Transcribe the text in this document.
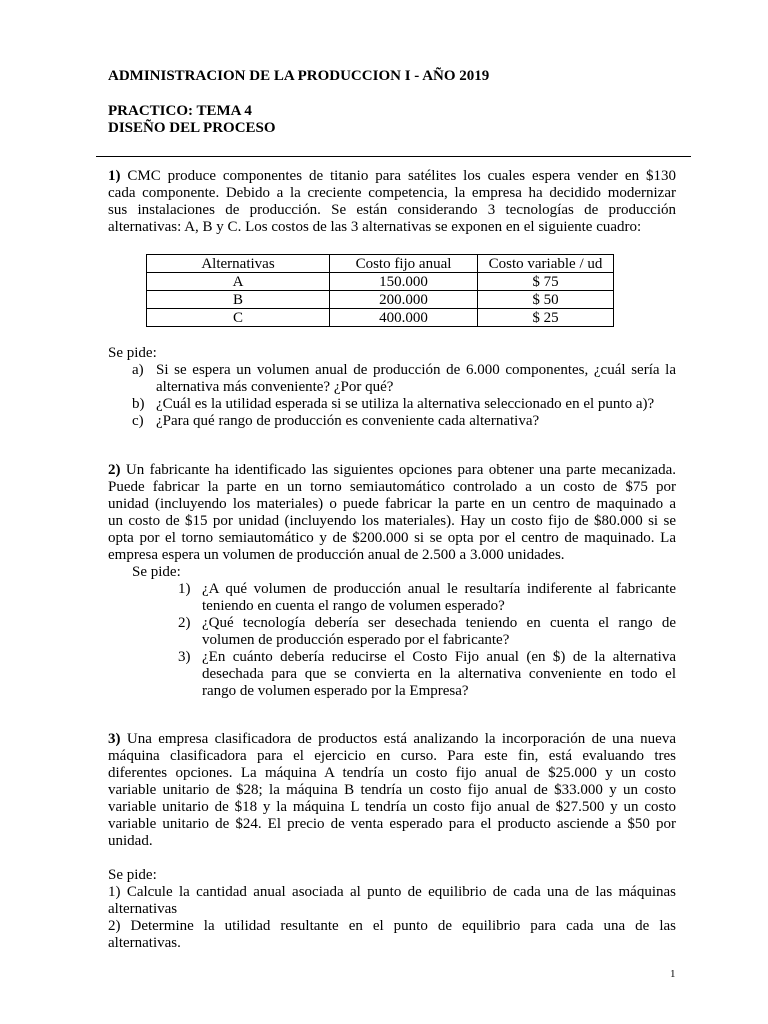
ADMINISTRACION DE LA PRODUCCION I - AÑO 2019
PRACTICO: TEMA 4
DISEÑO DEL PROCESO
1) CMC produce componentes de titanio para satélites los cuales espera vender en $130
cada componente. Debido a la creciente competencia, la empresa ha decidido modernizar
sus instalaciones de producción. Se están considerando 3 tecnologías de producción
alternativas: A, B y C. Los costos de las 3 alternativas se exponen en el siguiente cuadro:
Alternativas	Costo fijo anual	Costo variable / ud
A	150.000	$ 75
B	200.000	$ 50
C	400.000	$ 25
Se pide:
a) Si se espera un volumen anual de producción de 6.000 componentes, ¿cuál sería la
alternativa más conveniente? ¿Por qué?
b) ¿Cuál es la utilidad esperada si se utiliza la alternativa seleccionado en el punto a)?
c) ¿Para qué rango de producción es conveniente cada alternativa?
2) Un fabricante ha identificado las siguientes opciones para obtener una parte mecanizada.
Puede fabricar la parte en un torno semiautomático controlado a un costo de $75 por
unidad (incluyendo los materiales) o puede fabricar la parte en un centro de maquinado a
un costo de $15 por unidad (incluyendo los materiales). Hay un costo fijo de $80.000 si se
opta por el torno semiautomático y de $200.000 si se opta por el centro de maquinado. La
empresa espera un volumen de producción anual de 2.500 a 3.000 unidades.
Se pide:
1) ¿A qué volumen de producción anual le resultaría indiferente al fabricante
teniendo en cuenta el rango de volumen esperado?
2) ¿Qué tecnología debería ser desechada teniendo en cuenta el rango de
volumen de producción esperado por el fabricante?
3) ¿En cuánto debería reducirse el Costo Fijo anual (en $) de la alternativa
desechada para que se convierta en la alternativa conveniente en todo el
rango de volumen esperado por la Empresa?
3) Una empresa clasificadora de productos está analizando la incorporación de una nueva
máquina clasificadora para el ejercicio en curso. Para este fin, está evaluando tres
diferentes opciones. La máquina A tendría un costo fijo anual de $25.000 y un costo
variable unitario de $28; la máquina B tendría un costo fijo anual de $33.000 y un costo
variable unitario de $18 y la máquina L tendría un costo fijo anual de $27.500 y un costo
variable unitario de $24. El precio de venta esperado para el producto asciende a $50 por
unidad.
Se pide:
1) Calcule la cantidad anual asociada al punto de equilibrio de cada una de las máquinas
alternativas
2) Determine la utilidad resultante en el punto de equilibrio para cada una de las
alternativas.
1
